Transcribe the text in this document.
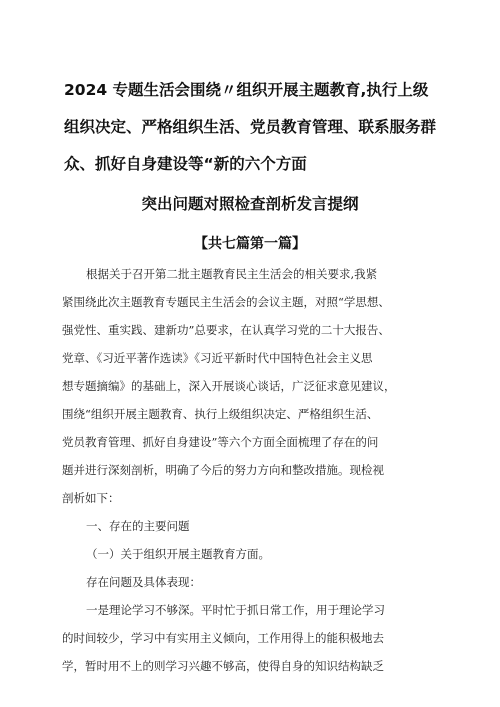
2024 专题生活会围绕〃组织开展主题教育,执行上级
组织决定、严格组织生活、党员教育管理、联系服务群
众、抓好自身建设等“新的六个方面
突出问题对照检查剖析发言提纲
【共七篇第一篇】
根据关于召开第二批主题教育民主生活会的相关要求,我紧
紧围绕此次主题教育专题民主生活会的会议主题，对照“学思想、
强党性、重实践、建新功”总要求，在认真学习党的二十大报告、
党章、《习近平著作选读》《习近平新时代中国特色社会主义思
想专题摘编》的基础上，深入开展谈心谈话，广泛征求意见建议，
围绕“组织开展主题教育、执行上级组织决定、严格组织生活、
党员教育管理、抓好自身建设”等六个方面全面梳理了存在的问
题并进行深刻剖析，明确了今后的努力方向和整改措施。现检视
剖析如下：
一、存在的主要问题
（一）关于组织开展主题教育方面。
存在问题及具体表现：
一是理论学习不够深。平时忙于抓日常工作，用于理论学习
的时间较少，学习中有实用主义倾向，工作用得上的能积极地去
学，暂时用不上的则学习兴趣不够高，使得自身的知识结构缺乏
